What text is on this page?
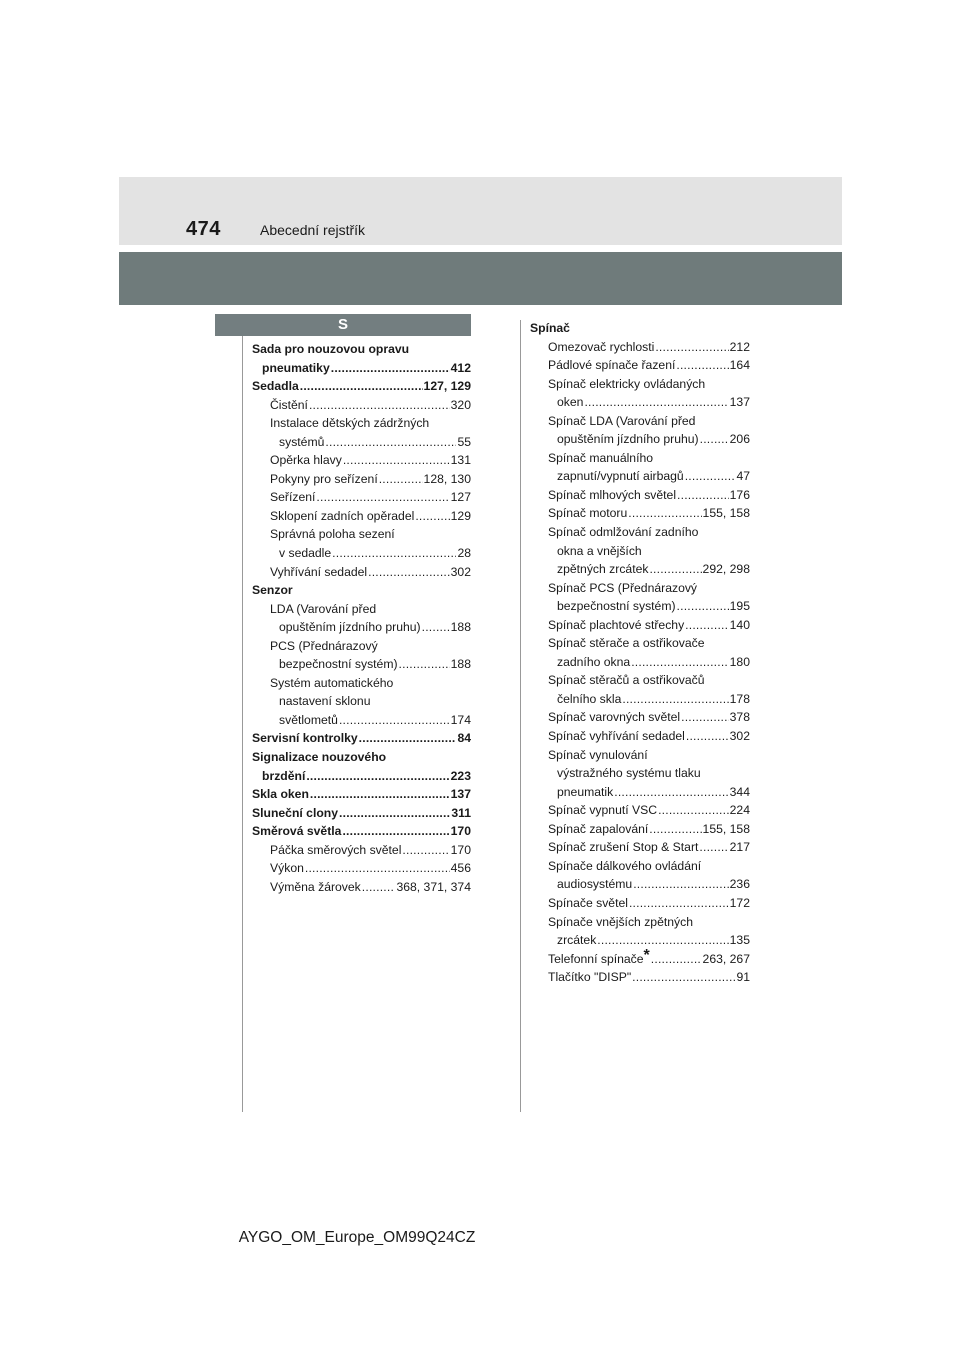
474	Abecední rejstřík
S
Sada pro nouzovou opravu
pneumatiky .....	412
Sedadla .....	127, 129
Čistění .....	320
Instalace dětských zádržných
systémů .....	55
Opěrka hlavy .....	131
Pokyny pro seřízení .....	128, 130
Seřízení .....	127
Sklopení zadních opěradel .....	129
Správná poloha sezení
v sedadle .....	28
Vyhřívání sedadel .....	302
Senzor
LDA (Varování před
opuštěním jízdního pruhu) ..... 188
PCS (Přednárazový
bezpečnostní systém) .....	188
Systém automatického
nastavení sklonu
světlometů .....	174
Servisní kontrolky .....	84
Signalizace nouzového
brzdění .....	223
Skla oken .....	137
Sluneční clony .....	311
Směrová světla .....	170
Páčka směrových světel .....	170
Výkon .....	456
Výměna žárovek .....	368, 371, 374
Spínač
Omezovač rychlosti .....	212
Pádlové spínače řazení .....	164
Spínač elektricky ovládaných
oken .....	137
Spínač LDA (Varování před
opuštěním jízdního pruhu) .....	206
Spínač manuálního
zapnutí/vypnutí airbagů .....	47
Spínač mlhových světel .....	176
Spínač motoru .....	155, 158
Spínač odmlžování zadního
okna a vnějších
zpětných zrcátek .....	292, 298
Spínač PCS (Přednárazový
bezpečnostní systém) .....	195
Spínač plachtové střechy .....	140
Spínač stěrače a ostřikovače
zadního okna .....	180
Spínač stěračů a ostřikovačů
čelního skla .....	178
Spínač varovných světel .....	378
Spínač vyhřívání sedadel .....	302
Spínač vynulování
výstražného systému tlaku
pneumatik .....	344
Spínač vypnutí VSC .....	224
Spínač zapalování .....	155, 158
Spínač zrušení Stop & Start .....	217
Spínače dálkového ovládání
audiosystému .....	236
Spínače světel .....	172
Spínače vnějších zpětných
zrcátek .....	135
Telefonní spínače* .....	263, 267
Tlačítko "DISP" .....	91
AYGO_OM_Europe_OM99Q24CZ
